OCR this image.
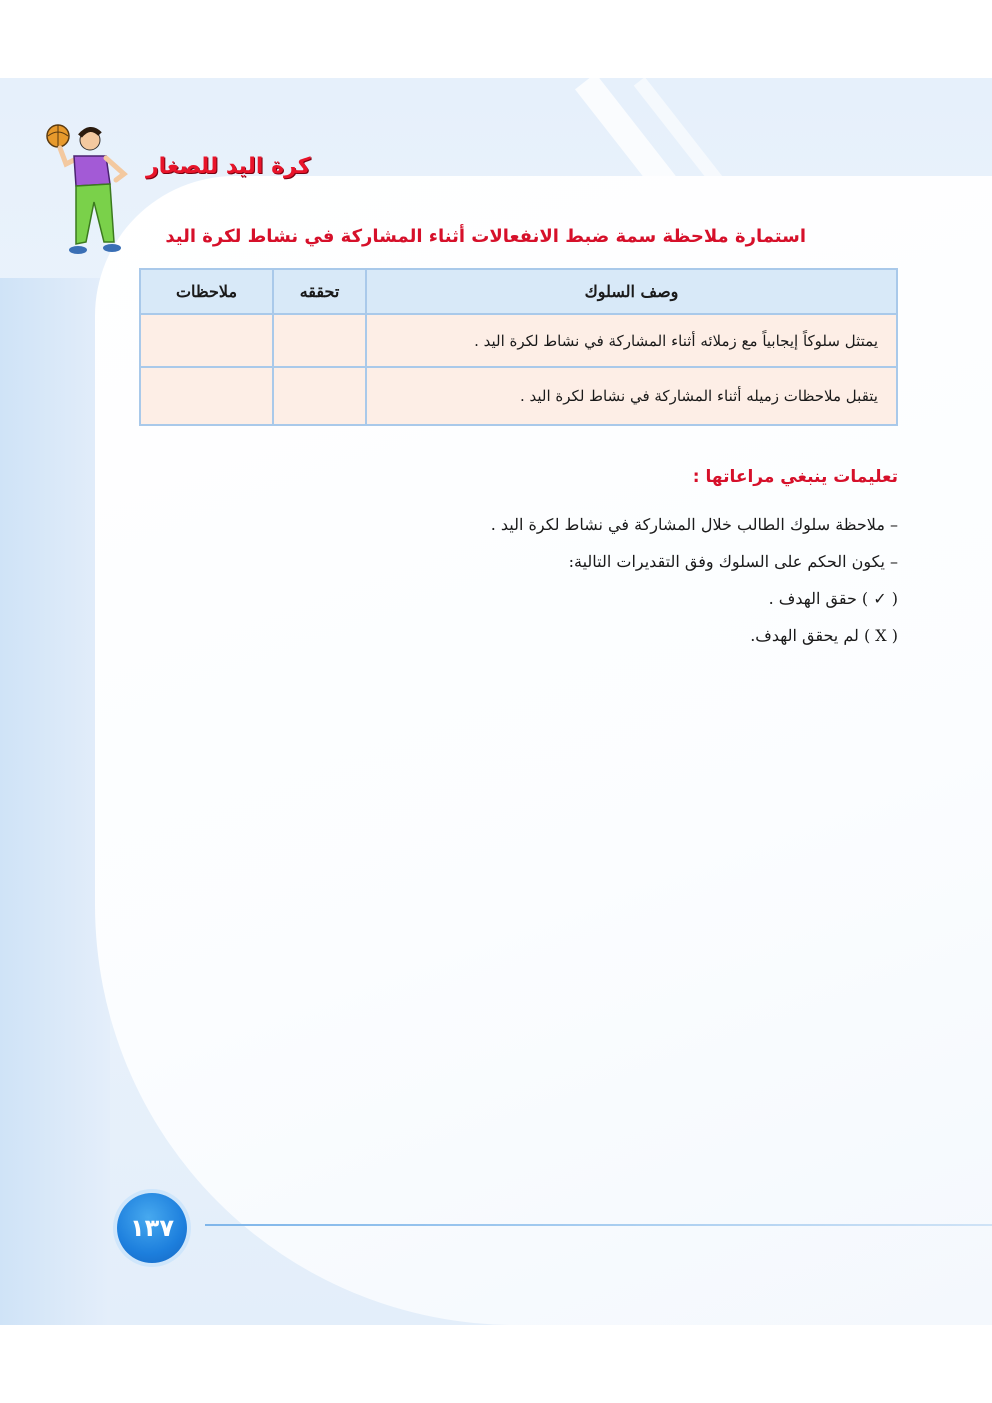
كرة اليد للصغار
استمارة ملاحظة سمة ضبط الانفعالات أثناء المشاركة في نشاط لكرة اليد
وصف السلوك	تحققه	ملاحظات
يمتثل سلوكاً إيجابياً مع زملائه أثناء المشاركة في نشاط لكرة اليد .		
يتقبل ملاحظات زميله أثناء المشاركة في نشاط لكرة اليد .		
تعليمات ينبغي مراعاتها :
– ملاحظة سلوك الطالب خلال المشاركة في نشاط لكرة اليد .
– يكون الحكم على السلوك وفق التقديرات التالية:
( ✓ ) حقق الهدف .
( X ) لم يحقق الهدف.
١٣٧
